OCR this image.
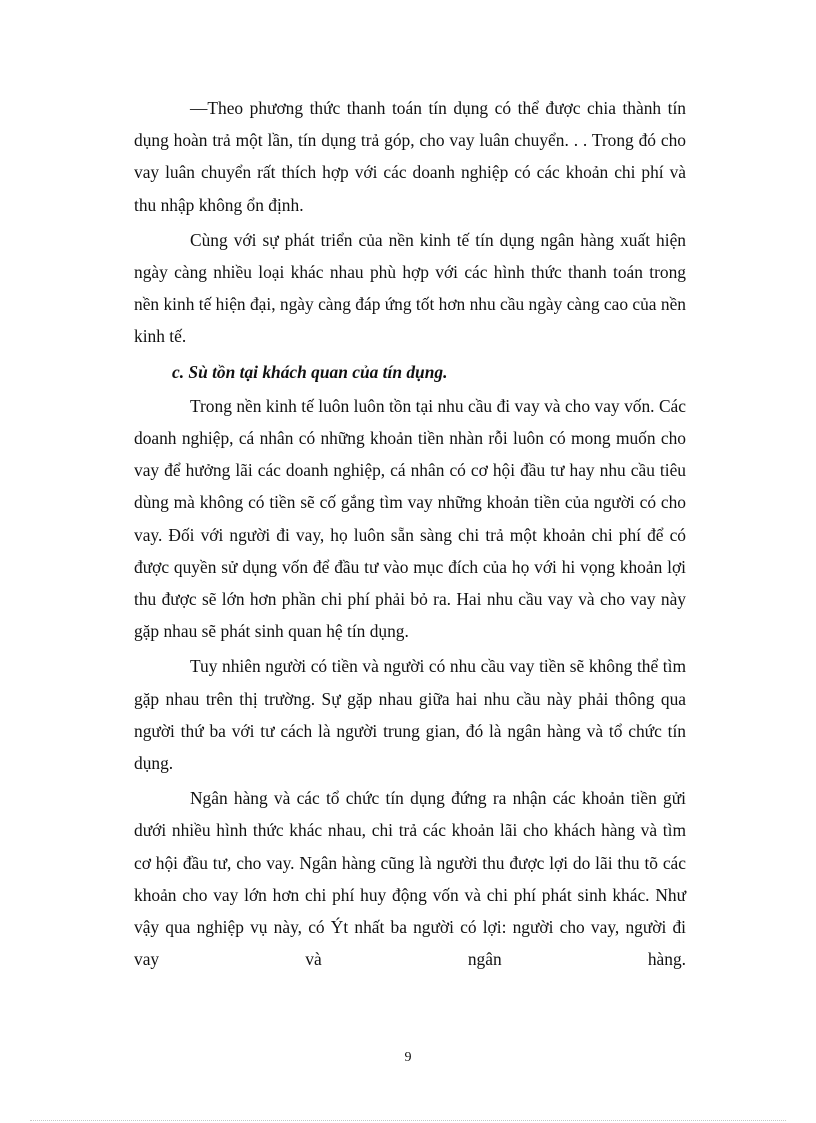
—Theo phương thức thanh toán tín dụng có thể được chia thành tín dụng hoàn trả một lần, tín dụng trả góp, cho vay luân chuyển. . . Trong đó cho vay luân chuyển rất thích hợp với các doanh nghiệp có các khoản chi phí và thu nhập không ổn định.

Cùng với sự phát triển của nền kinh tế tín dụng ngân hàng xuất hiện ngày càng nhiều loại khác nhau phù hợp với các hình thức thanh toán trong nền kinh tế hiện đại, ngày càng đáp ứng tốt hơn nhu cầu ngày càng cao của nền kinh tế.

c. Sù tồn tại khách quan của tín dụng.

Trong nền kinh tế luôn luôn tồn tại nhu cầu đi vay và cho vay vốn. Các doanh nghiệp, cá nhân có những khoản tiền nhàn rỗi luôn có mong muốn cho vay để hưởng lãi các doanh nghiệp, cá nhân có cơ hội đầu tư hay nhu cầu tiêu dùng mà không có tiền sẽ cố gắng tìm vay những khoản tiền của người có cho vay. Đối với người đi vay, họ luôn sẵn sàng chi trả một khoản chi phí để có được quyền sử dụng vốn để đầu tư vào mục đích của họ với hi vọng khoản lợi thu được sẽ lớn hơn phần chi phí phải bỏ ra. Hai nhu cầu vay và cho vay này gặp nhau sẽ phát sinh quan hệ tín dụng.

Tuy nhiên người có tiền và người có nhu cầu vay tiền sẽ không thể tìm gặp nhau trên thị trường. Sự gặp nhau giữa hai nhu cầu này phải thông qua người thứ ba với tư cách là người trung gian, đó là ngân hàng và tổ chức tín dụng.

Ngân hàng và các tổ chức tín dụng đứng ra nhận các khoản tiền gửi dưới nhiều hình thức khác nhau, chi trả các khoản lãi cho khách hàng và tìm cơ hội đầu tư, cho vay. Ngân hàng cũng là người thu được lợi do lãi thu tõ các khoản cho vay lớn hơn chi phí huy động vốn và chi phí phát sinh khác. Như vậy qua nghiệp vụ này, có Ýt nhất ba người có lợi: người cho vay, người đi vay và ngân hàng.

9
